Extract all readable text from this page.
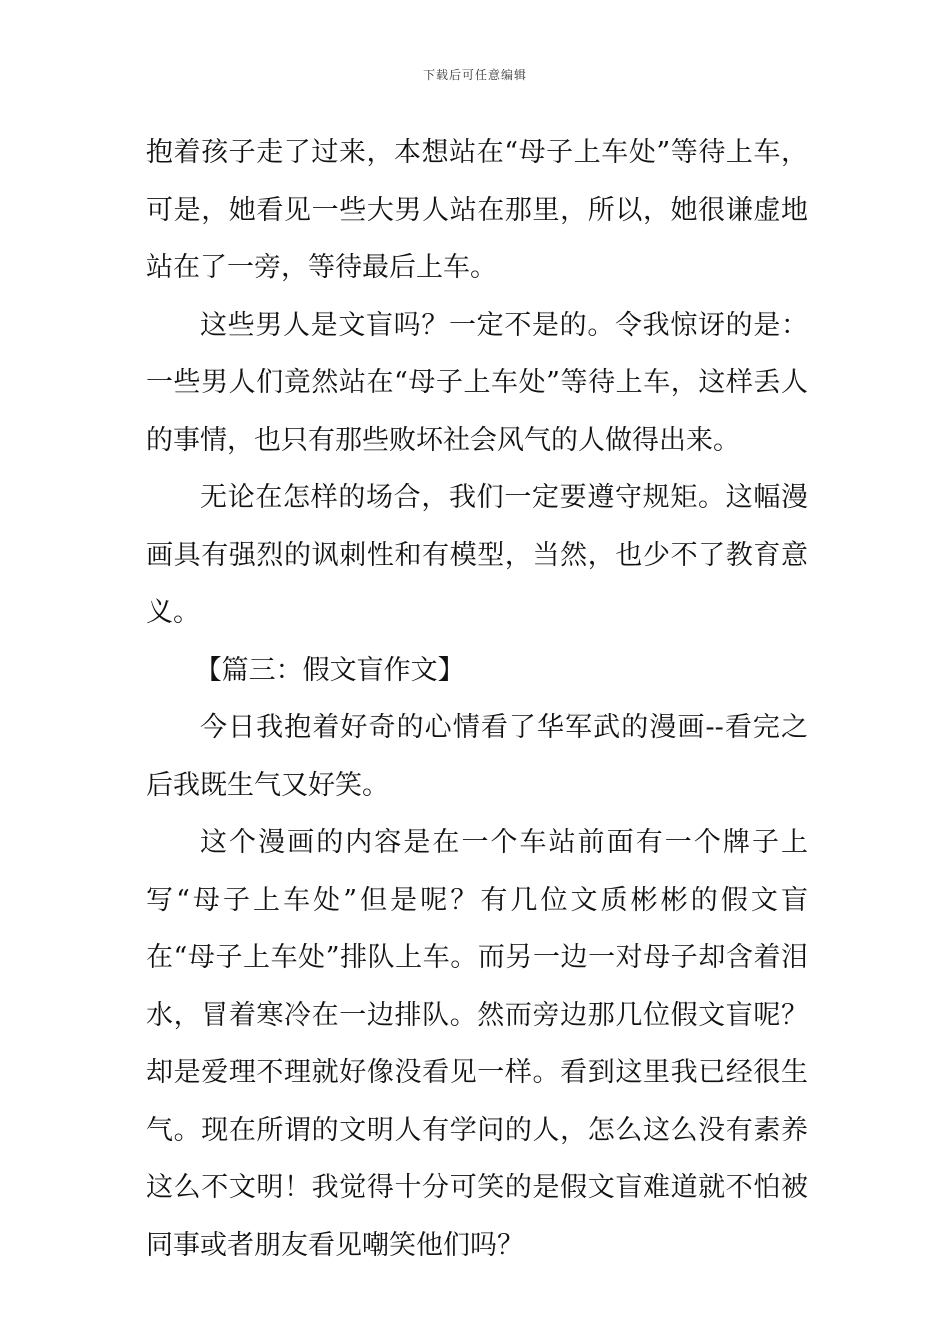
下载后可任意编辑

抱着孩子走了过来，本想站在“母子上车处”等待上车，可是，她看见一些大男人站在那里，所以，她很谦虚地站在了一旁，等待最后上车。

这些男人是文盲吗？一定不是的。令我惊讶的是：一些男人们竟然站在“母子上车处”等待上车，这样丢人的事情，也只有那些败坏社会风气的人做得出来。

无论在怎样的场合，我们一定要遵守规矩。这幅漫画具有强烈的讽刺性和有模型，当然，也少不了教育意义。

【篇三：假文盲作文】

今日我抱着好奇的心情看了华军武的漫画--看完之后我既生气又好笑。

这个漫画的内容是在一个车站前面有一个牌子上写“母子上车处”但是呢？有几位文质彬彬的假文盲在“母子上车处”排队上车。而另一边一对母子却含着泪水，冒着寒冷在一边排队。然而旁边那几位假文盲呢？却是爱理不理就好像没看见一样。看到这里我已经很生气。现在所谓的文明人有学问的人，怎么这么没有素养这么不文明！我觉得十分可笑的是假文盲难道就不怕被同事或者朋友看见嘲笑他们吗？
